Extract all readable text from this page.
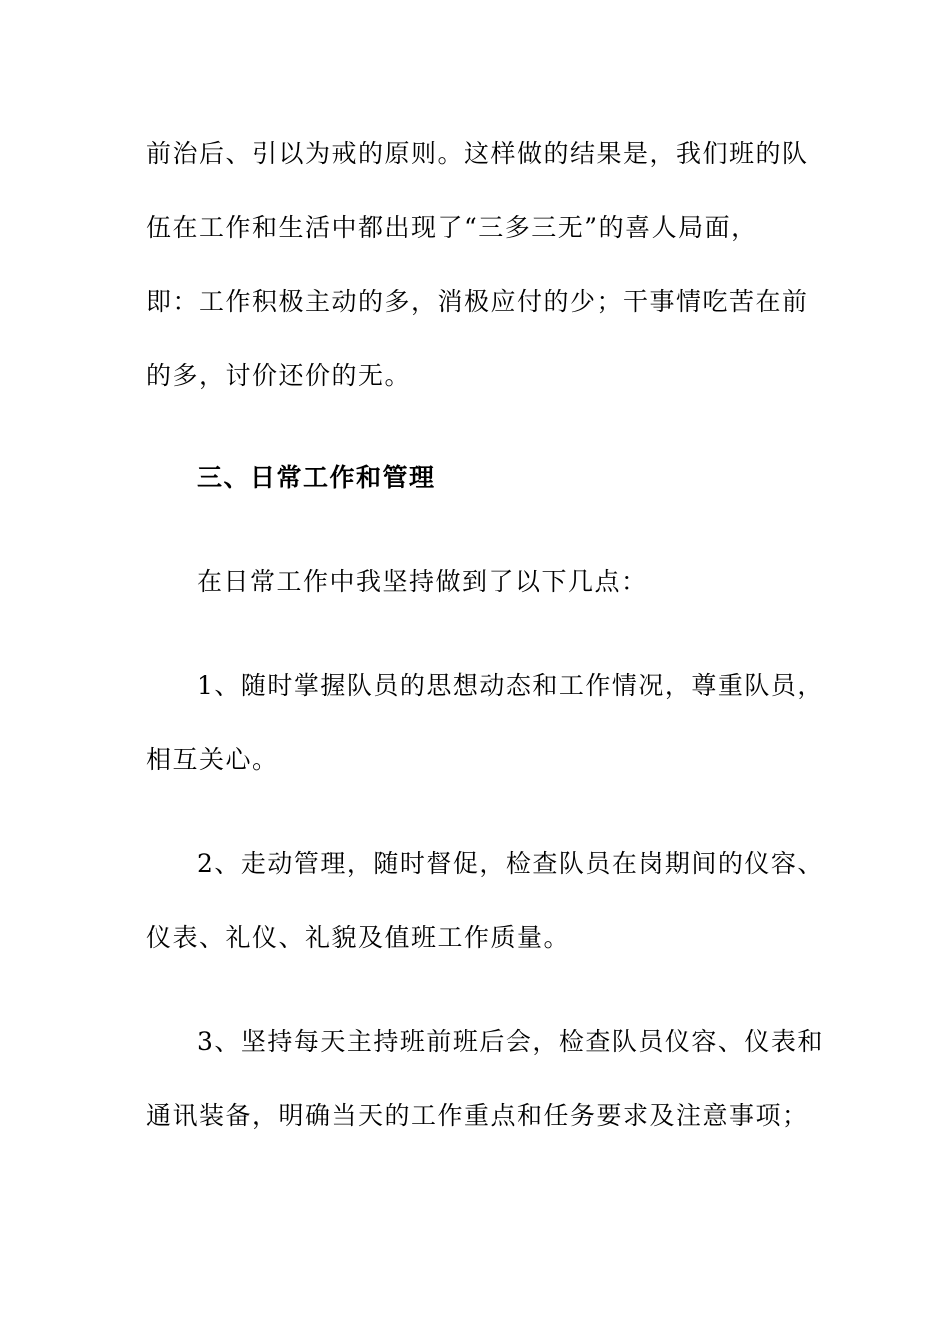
前治后、引以为戒的原则。这样做的结果是，我们班的队
伍在工作和生活中都出现了“三多三无”的喜人局面，
即：工作积极主动的多，消极应付的少；干事情吃苦在前
的多，讨价还价的无。
三、日常工作和管理
在日常工作中我坚持做到了以下几点：
1、随时掌握队员的思想动态和工作情况，尊重队员，
相互关心。
2、走动管理，随时督促，检查队员在岗期间的仪容、
仪表、礼仪、礼貌及值班工作质量。
3、坚持每天主持班前班后会，检查队员仪容、仪表和
通讯装备，明确当天的工作重点和任务要求及注意事项；
